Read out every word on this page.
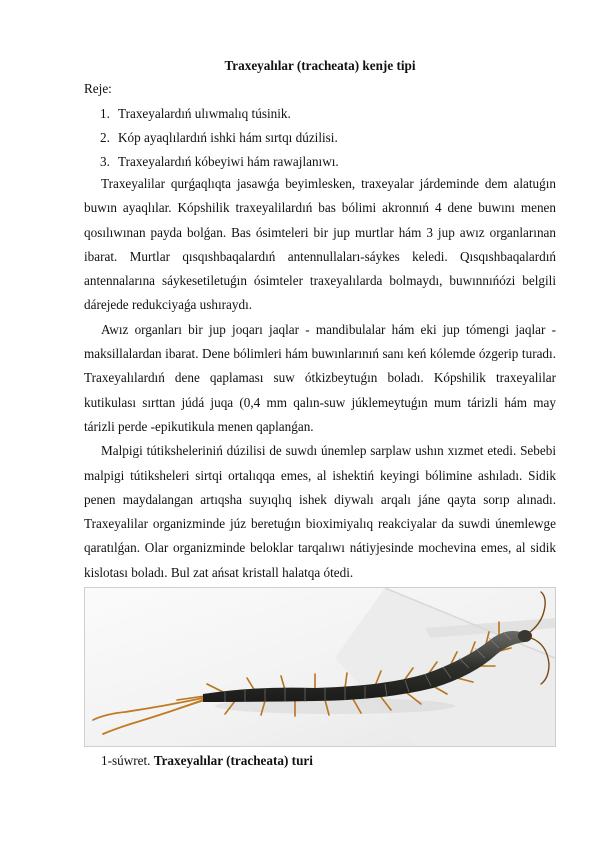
Traxeyalılar (tracheata) kenje tipi
Reje:
1. Traxeyalardıń ulıwmalıq túsinik.
2. Kóp ayaqlılardıń ishki hám sırtqı dúzilisi.
3. Traxeyalardıń kóbeyiwi hám rawajlanıwı.

Traxeyalilar qurǵaqlıqta jasawǵa beyimlesken, traxeyalar járdeminde dem alatuǵın buwın ayaqlılar. Kópshilik traxeyalilardıń bas bólimi akronnıń 4 dene buwını menen qosılıwınan payda bolǵan. Bas ósimteleri bir jup murtlar hám 3 jup awız organlarınan ibarat. Murtlar qısqıshbaqalardıń antennullaları-sáykes keledi. Qısqıshbaqalardıń antennalarına sáykesetiletuǵın ósimteler traxeyalılarda bolmaydı, buwınnıńózi belgili dárejede redukciyaǵa ushıraydı.

Awız organları bir jup joqarı jaqlar - mandibulalar hám eki jup tómengi jaqlar - maksillalardan ibarat. Dene bólimleri hám buwınlarınıń sanı keń kólemde ózgerip turadı. Traxeyalılardıń dene qaplaması suw ótkizbeytuǵın boladı. Kópshilik traxeyalilar kutikulası sırttan júdá juqa (0,4 mm qalın-suw júklemeytuǵın mum tárizli hám may tárizli perde -epikutikula menen qaplanǵan.

Malpigi tútiksheleriniń dúzilisi de suwdı únemlep sarplaw ushın xızmet etedi. Sebebi malpigi tútiksheleri sirtqi ortalıqqa emes, al ishektiń keyingi bólimine ashıladı. Sidik penen maydalangan artıqsha suyıqlıq ishek diywalı arqalı jáne qayta sorıp alınadı. Traxeyalilar organizminde júz beretuǵın bioximiyalıq reakciyalar da suwdi únemlewge qaratılǵan. Olar organizminde beloklar tarqalıwı nátiyjesinde mochevina emes, al sidik kislotası boladı. Bul zat ańsat kristall halatqa ótedi.

1-súwret. Traxeyalılar (tracheata) turi
